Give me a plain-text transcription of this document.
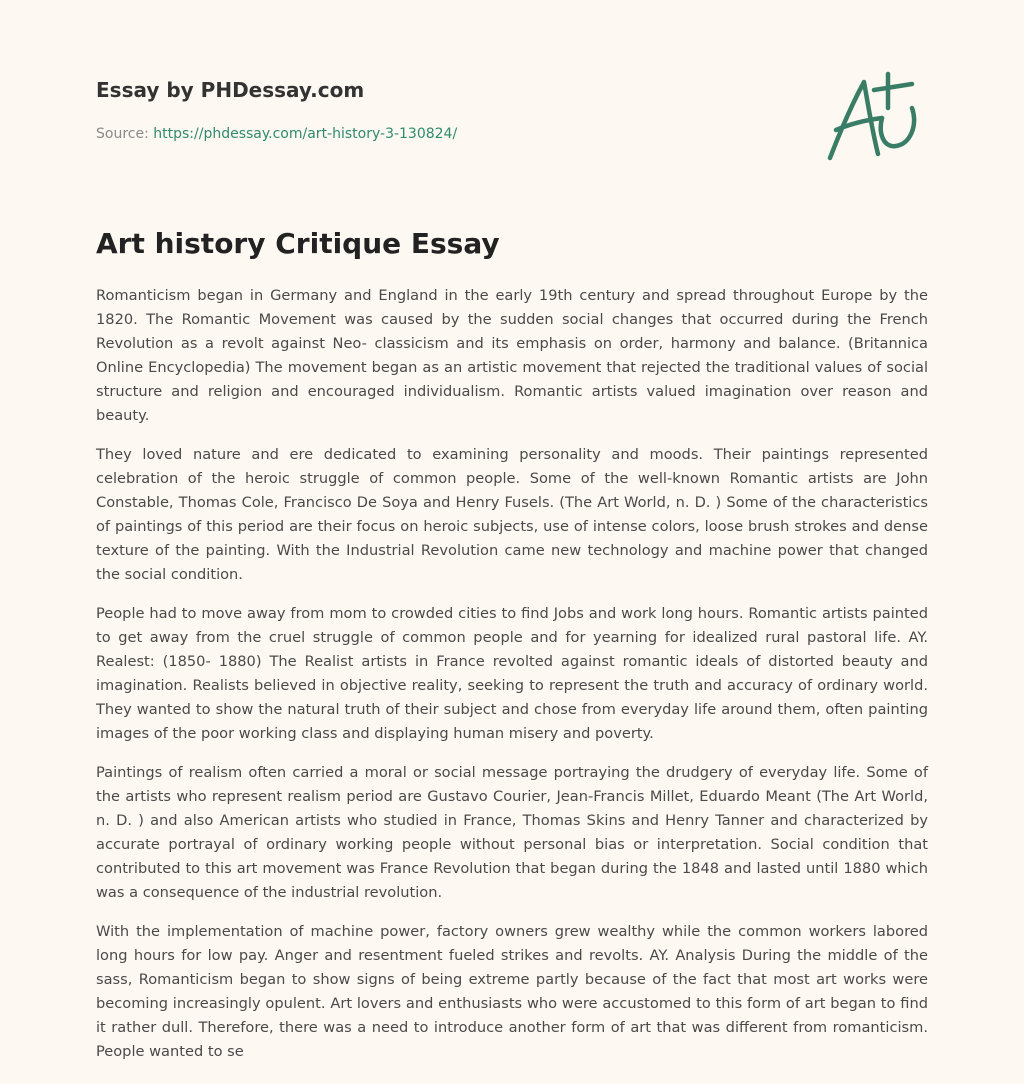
Essay by PHDessay.com
Source: https://phdessay.com/art-history-3-130824/
Art history Critique Essay

Romanticism began in Germany and England in the early 19th century and spread throughout Europe by the 1820. The Romantic Movement was caused by the sudden social changes that occurred during the French Revolution as a revolt against Neo- classicism and its emphasis on order, harmony and balance. (Britannica Online Encyclopedia) The movement began as an artistic movement that rejected the traditional values of social structure and religion and encouraged individualism. Romantic artists valued imagination over reason and beauty.

They loved nature and ere dedicated to examining personality and moods. Their paintings represented celebration of the heroic struggle of common people. Some of the well-known Romantic artists are John Constable, Thomas Cole, Francisco De Soya and Henry Fusels. (The Art World, n. D. ) Some of the characteristics of paintings of this period are their focus on heroic subjects, use of intense colors, loose brush strokes and dense texture of the painting. With the Industrial Revolution came new technology and machine power that changed the social condition.

People had to move away from mom to crowded cities to find Jobs and work long hours. Romantic artists painted to get away from the cruel struggle of common people and for yearning for idealized rural pastoral life. AY. Realest: (1850- 1880) The Realist artists in France revolted against romantic ideals of distorted beauty and imagination. Realists believed in objective reality, seeking to represent the truth and accuracy of ordinary world. They wanted to show the natural truth of their subject and chose from everyday life around them, often painting images of the poor working class and displaying human misery and poverty.

Paintings of realism often carried a moral or social message portraying the drudgery of everyday life. Some of the artists who represent realism period are Gustavo Courier, Jean-Francis Millet, Eduardo Meant (The Art World, n. D. ) and also American artists who studied in France, Thomas Skins and Henry Tanner and characterized by accurate portrayal of ordinary working people without personal bias or interpretation. Social condition that contributed to this art movement was France Revolution that began during the 1848 and lasted until 1880 which was a consequence of the industrial revolution.

With the implementation of machine power, factory owners grew wealthy while the common workers labored long hours for low pay. Anger and resentment fueled strikes and revolts. AY. Analysis During the middle of the sass, Romanticism began to show signs of being extreme partly because of the fact that most art works were becoming increasingly opulent. Art lovers and enthusiasts who were accustomed to this form of art began to find it rather dull. Therefore, there was a need to introduce another form of art that was different from romanticism. People wanted to se
